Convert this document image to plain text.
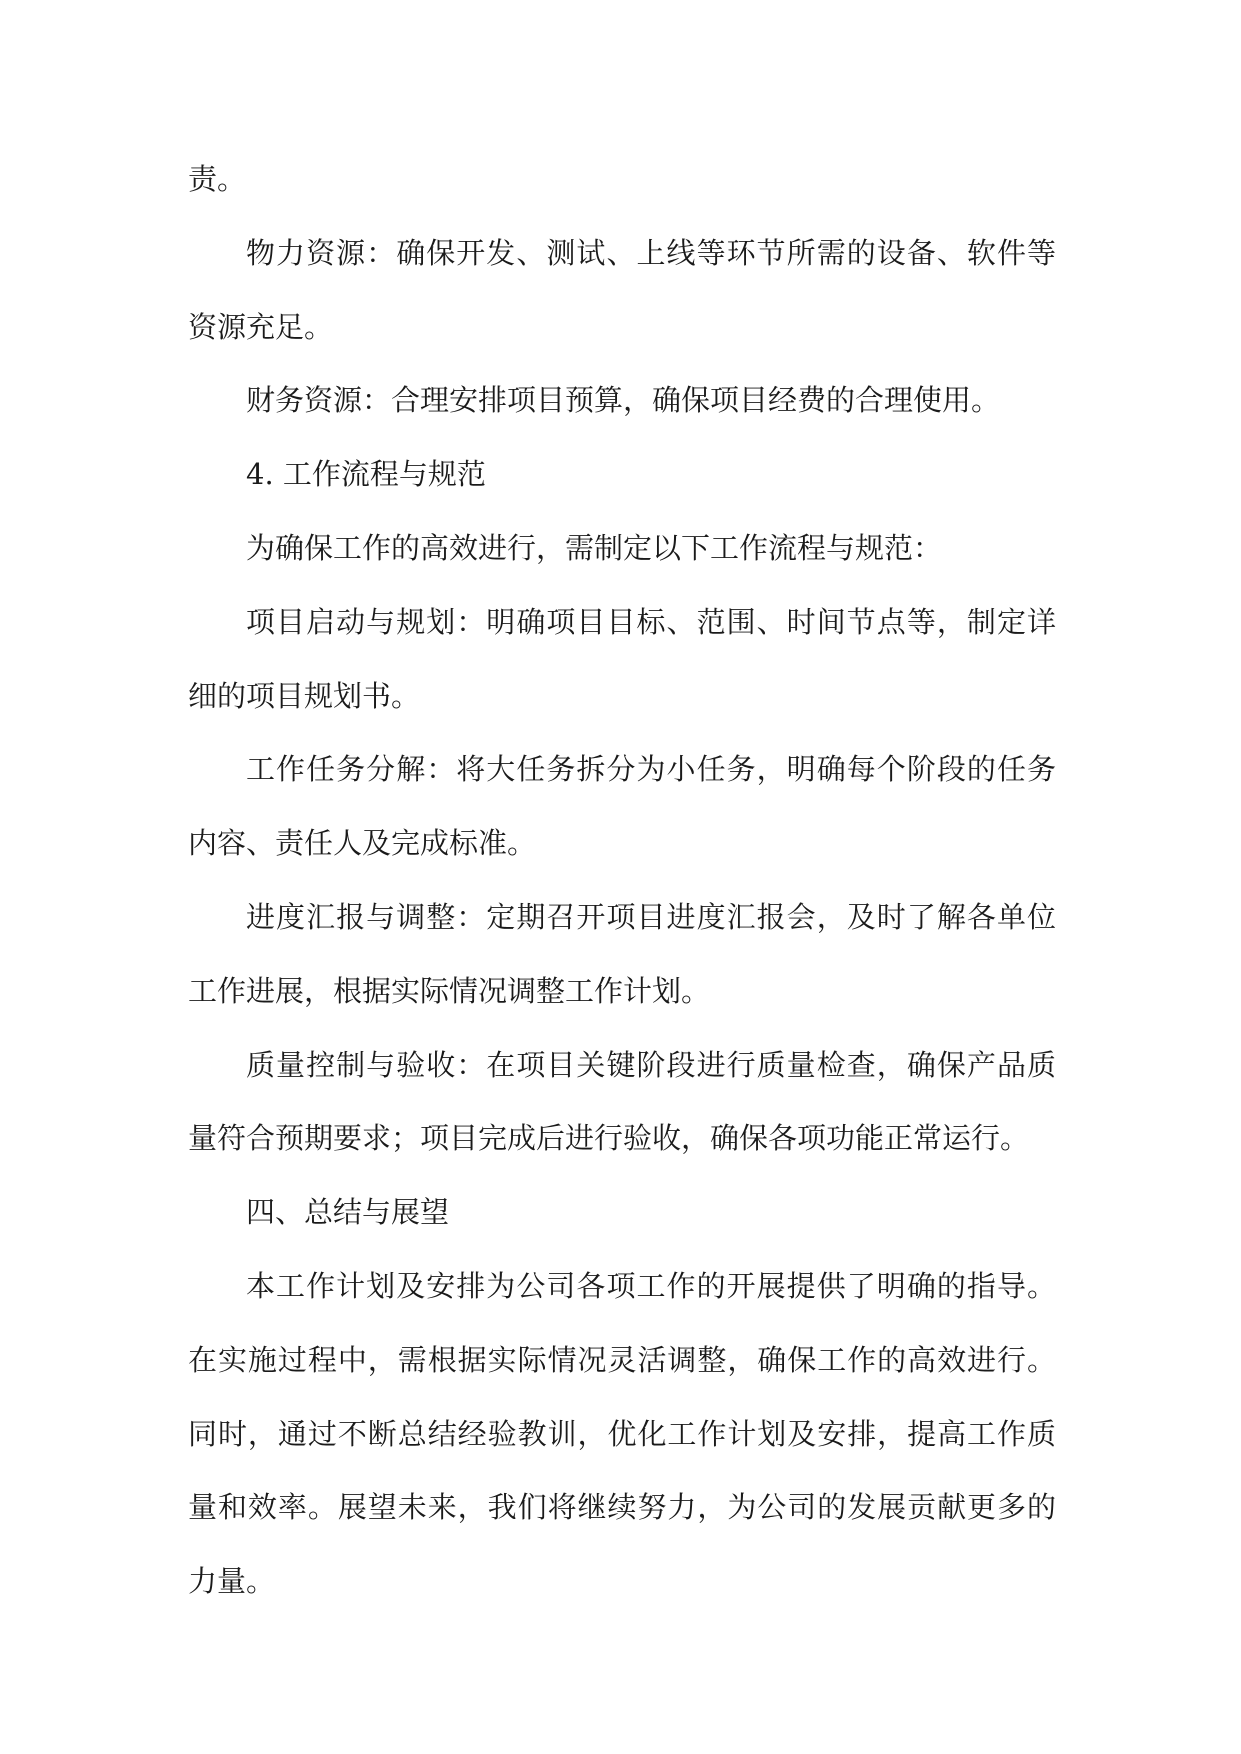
责。

物力资源：确保开发、测试、上线等环节所需的设备、软件等资源充足。

财务资源：合理安排项目预算，确保项目经费的合理使用。

4. 工作流程与规范

为确保工作的高效进行，需制定以下工作流程与规范：

项目启动与规划：明确项目目标、范围、时间节点等，制定详细的项目规划书。

工作任务分解：将大任务拆分为小任务，明确每个阶段的任务内容、责任人及完成标准。

进度汇报与调整：定期召开项目进度汇报会，及时了解各单位工作进展，根据实际情况调整工作计划。

质量控制与验收：在项目关键阶段进行质量检查，确保产品质量符合预期要求；项目完成后进行验收，确保各项功能正常运行。

四、总结与展望

本工作计划及安排为公司各项工作的开展提供了明确的指导。在实施过程中，需根据实际情况灵活调整，确保工作的高效进行。同时，通过不断总结经验教训，优化工作计划及安排，提高工作质量和效率。展望未来，我们将继续努力，为公司的发展贡献更多的力量。
